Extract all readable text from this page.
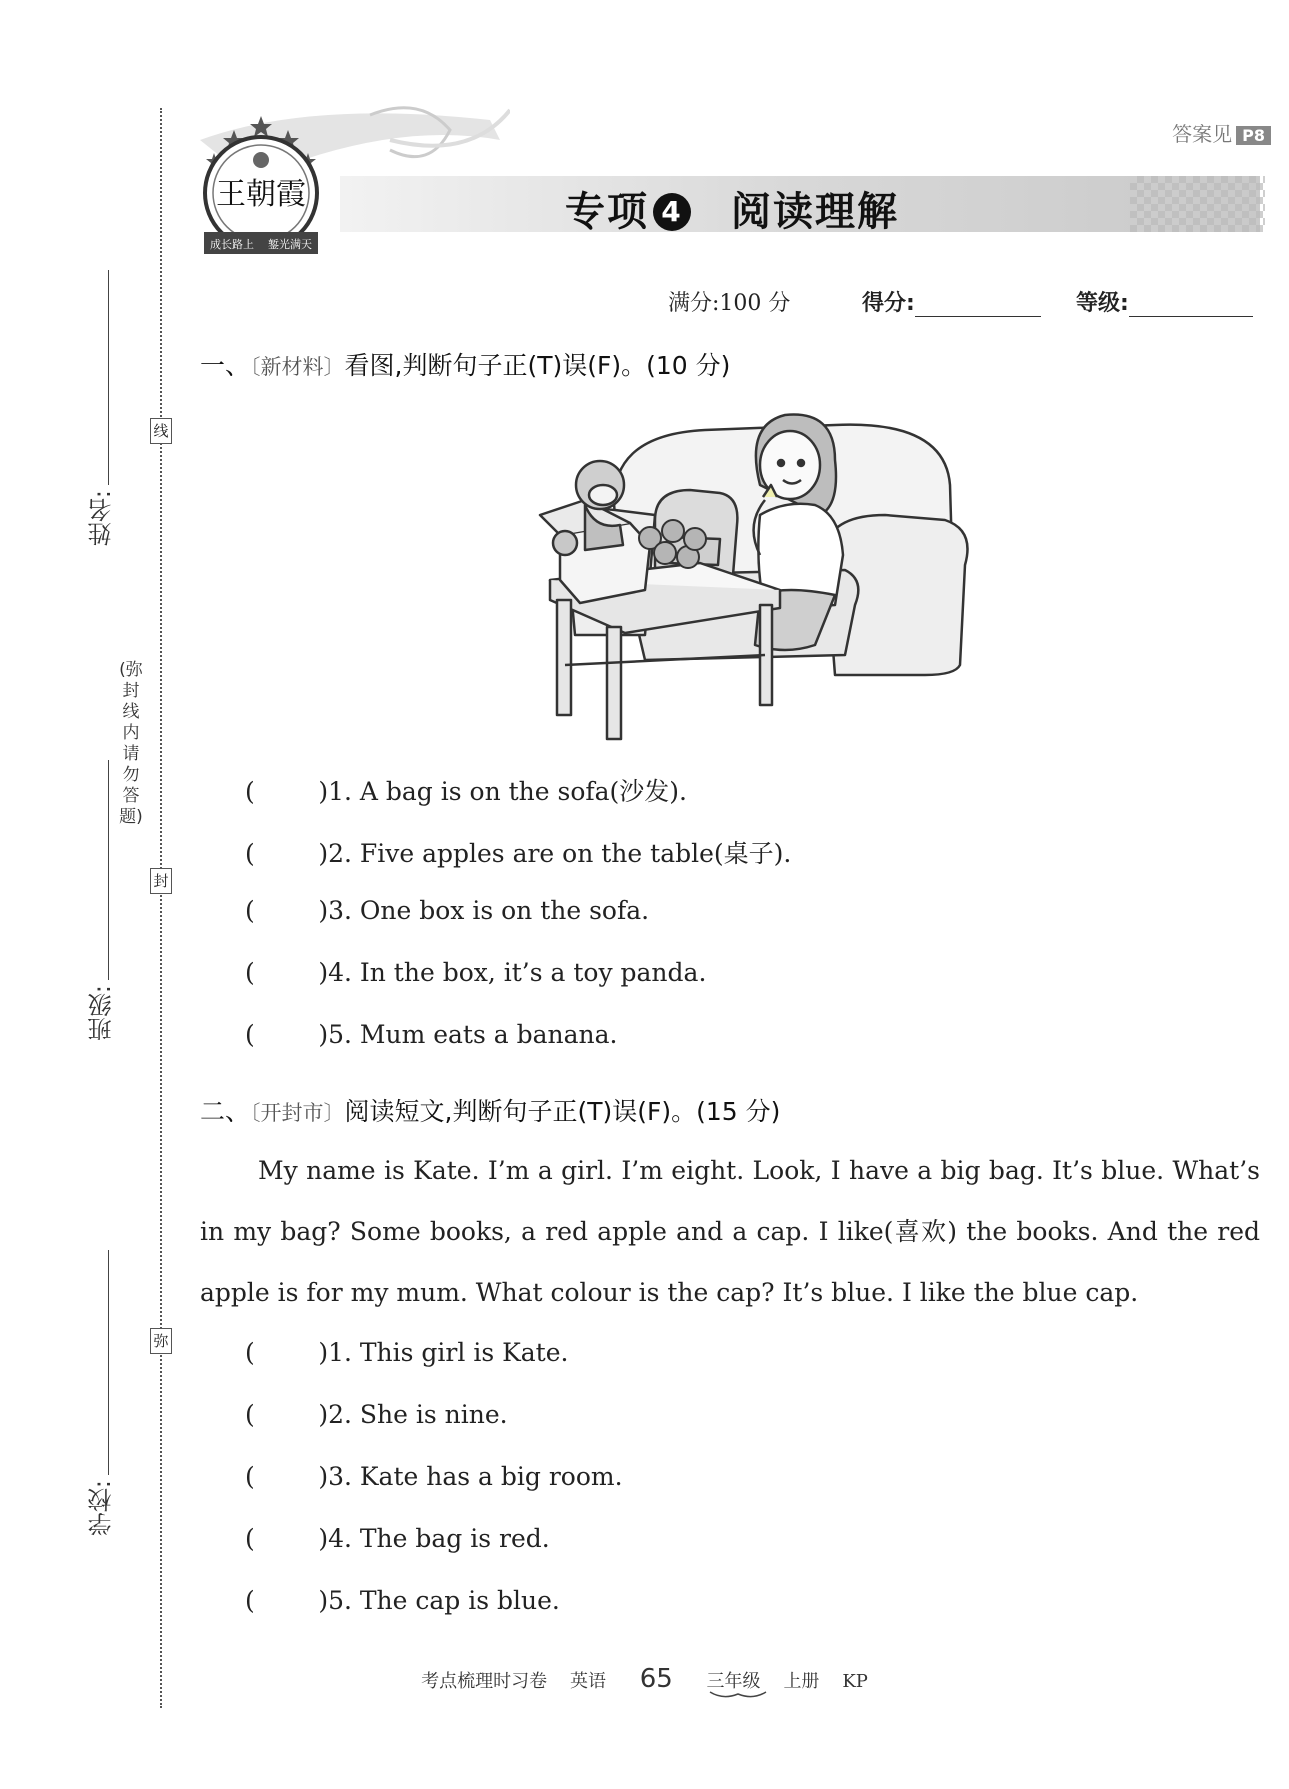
线
封
弥
(弥封线内请勿答题)
姓名:
班级:
学校:
答案见 P8
王朝霞
成长路上 錾光满天
专项 4 阅读理解
满分:100 分	得分:	等级:
一、〔新材料〕看图,判断句子正(T)误(F)。(10 分)
(        )1. A bag is on the sofa(沙发).
(        )2. Five apples are on the table(桌子).
(        )3. One box is on the sofa.
(        )4. In the box, it’s a toy panda.
(        )5. Mum eats a banana.
二、〔开封市〕阅读短文,判断句子正(T)误(F)。(15 分)
My name is Kate. I’m a girl. I’m eight. Look, I have a big bag. It’s blue. What’s in my bag? Some books, a red apple and a cap. I like(喜欢) the books. And the red apple is for my mum. What colour is the cap? It’s blue. I like the blue cap.
(        )1. This girl is Kate.
(        )2. She is nine.
(        )3. Kate has a big room.
(        )4. The bag is red.
(        )5. The cap is blue.
考点梳理时习卷 英语 65 三年级 上册 KP
